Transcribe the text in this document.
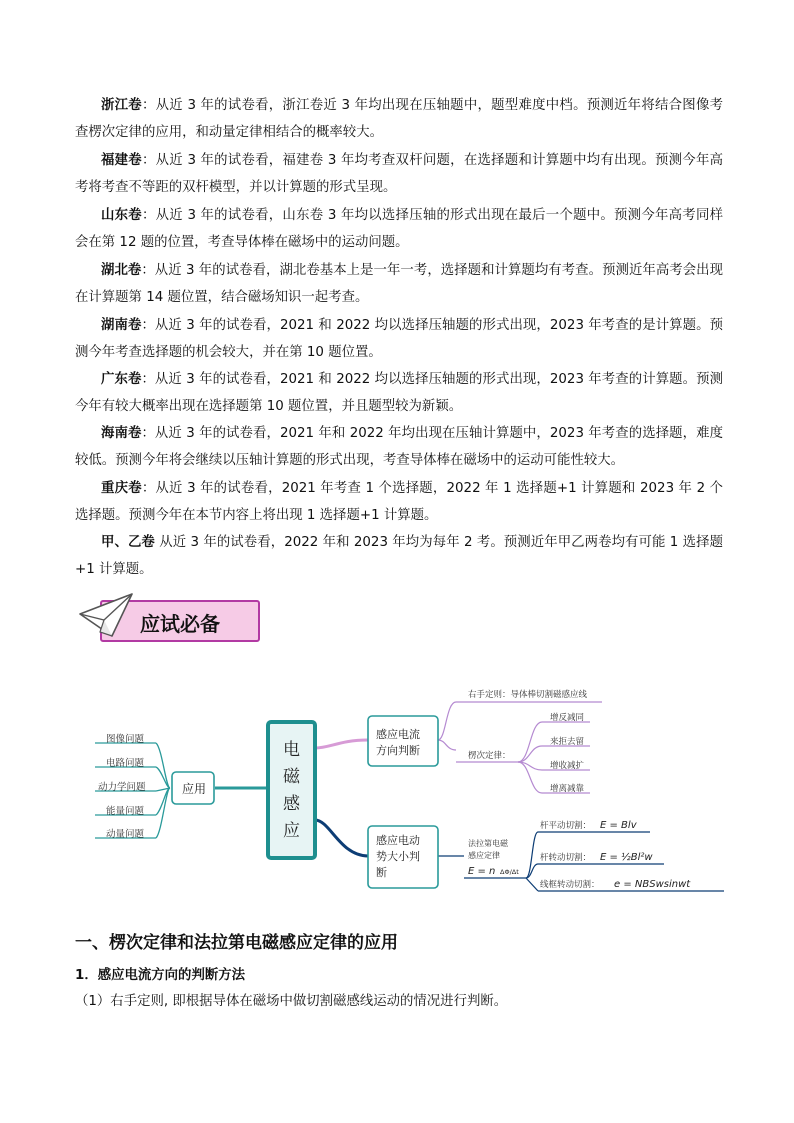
浙江卷：从近 3 年的试卷看，浙江卷近 3 年均出现在压轴题中，题型难度中档。预测近年将结合图像考查楞次定律的应用，和动量定律相结合的概率较大。

福建卷：从近 3 年的试卷看，福建卷 3 年均考查双杆问题，在选择题和计算题中均有出现。预测今年高考将考查不等距的双杆模型，并以计算题的形式呈现。

山东卷：从近 3 年的试卷看，山东卷 3 年均以选择压轴的形式出现在最后一个题中。预测今年高考同样会在第 12 题的位置，考查导体棒在磁场中的运动问题。

湖北卷：从近 3 年的试卷看，湖北卷基本上是一年一考，选择题和计算题均有考查。预测近年高考会出现在计算题第 14 题位置，结合磁场知识一起考查。

湖南卷：从近 3 年的试卷看，2021 和 2022 均以选择压轴题的形式出现，2023 年考查的是计算题。预测今年考查选择题的机会较大，并在第 10 题位置。

广东卷：从近 3 年的试卷看，2021 和 2022 均以选择压轴题的形式出现，2023 年考查的计算题。预测今年有较大概率出现在选择题第 10 题位置，并且题型较为新颖。

海南卷：从近 3 年的试卷看，2021 年和 2022 年均出现在压轴计算题中，2023 年考查的选择题，难度较低。预测今年将会继续以压轴计算题的形式出现，考查导体棒在磁场中的运动可能性较大。

重庆卷：从近 3 年的试卷看，2021 年考查 1 个选择题，2022 年 1 选择题+1 计算题和 2023 年 2 个选择题。预测今年在本节内容上将出现 1 选择题+1 计算题。

甲、乙卷 从近 3 年的试卷看，2022 年和 2023 年均为每年 2 考。预测近年甲乙两卷均有可能 1 选择题+1 计算题。

应试必备
图像问题
电路问题
动力学问题
能量问题
动量问题
应用
电
磁
感
应
感应电流
方向判断
右手定则：导体棒切割磁感应线
楞次定律：
增反减同
来拒去留
增收减扩
增离减靠
感应电动
势大小判
断
法拉第电磁
感应定律
E = n ΔΦ/Δt
杆平动切割： E = Blv
杆转动切割： E = ½Bl²w
线框转动切割： e = NBSwsinwt
一、楞次定律和法拉第电磁感应定律的应用
1．感应电流方向的判断方法

（1）右手定则, 即根据导体在磁场中做切割磁感线运动的情况进行判断。
